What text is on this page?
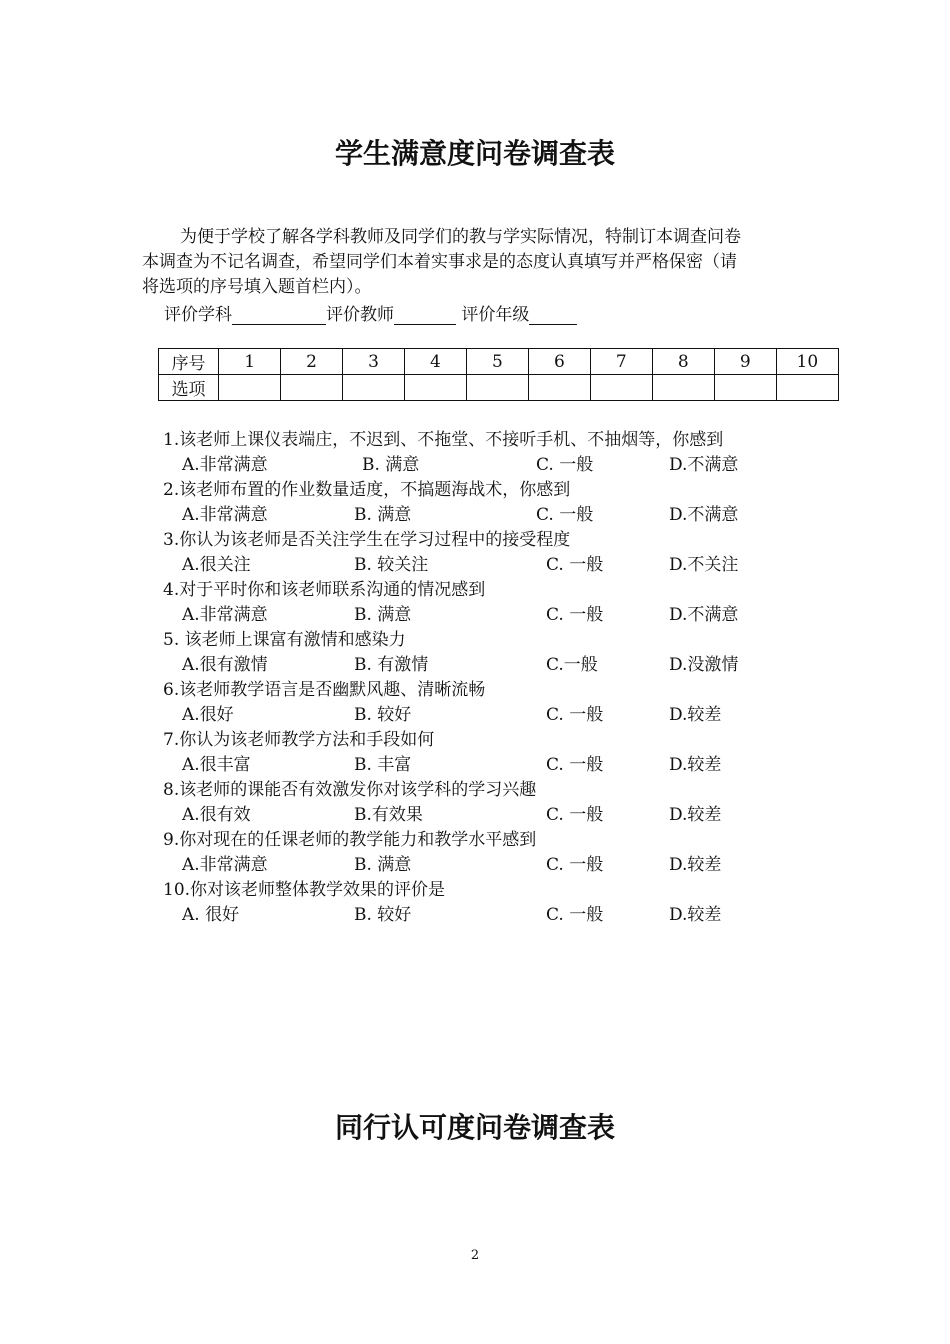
学生满意度问卷调查表
为便于学校了解各学科教师及同学们的教与学实际情况，特制订本调查问卷
本调查为不记名调查，希望同学们本着实事求是的态度认真填写并严格保密（请
将选项的序号填入题首栏内）。
评价学科	评价教师	评价年级
序号	1	2	3	4	5	6	7	8	9	10
选项										
1.该老师上课仪表端庄，不迟到、不拖堂、不接听手机、不抽烟等，你感到
A.非常满意	B. 满意	C. 一般	D.不满意
2.该老师布置的作业数量适度，不搞题海战术，你感到
A.非常满意	B. 满意	C. 一般	D.不满意
3.你认为该老师是否关注学生在学习过程中的接受程度
A.很关注	B. 较关注	C. 一般	D.不关注
4.对于平时你和该老师联系沟通的情况感到
A.非常满意	B. 满意	C. 一般	D.不满意
5. 该老师上课富有激情和感染力
A.很有激情	B. 有激情	C.一般	D.没激情
6.该老师教学语言是否幽默风趣、清晰流畅
A.很好	B. 较好	C. 一般	D.较差
7.你认为该老师教学方法和手段如何
A.很丰富	B. 丰富	C. 一般	D.较差
8.该老师的课能否有效激发你对该学科的学习兴趣
A.很有效	B.有效果	C. 一般	D.较差
9.你对现在的任课老师的教学能力和教学水平感到
A.非常满意	B. 满意	C. 一般	D.较差
10.你对该老师整体教学效果的评价是
A. 很好	B. 较好	C. 一般	D.较差
同行认可度问卷调查表
2
